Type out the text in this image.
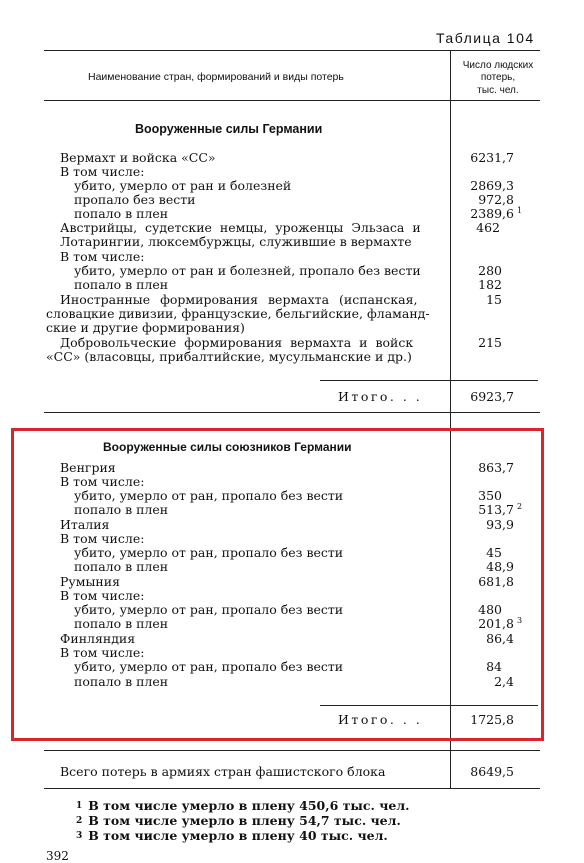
Таблица 104
Наименование стран, формирований и виды потерь
Число людских потерь,
тыс. чел.
Вооруженные силы Германии
Вермахт и войска «СС»	6231,7
В том числе:
убито, умерло от ран и болезней	2869,3
пропало без вести	972,8
попало в плен	2389,6 1
Австрийцы, судетские немцы, уроженцы Эльзаса и	462
Лотарингии, люксембуржцы, служившие в вермахте
В том числе:
убито, умерло от ран и болезней, пропало без вести	280
попало в плен	182
Иностранные формирования вермахта (испанская,	15
словацкие дивизии, французские, бельгийские, фламанд-
ские и другие формирования)
Добровольческие формирования вермахта и войск	215
«СС» (власовцы, прибалтийские, мусульманские и др.)
Итого. . .	6923,7
Вооруженные силы союзников Германии
Венгрия	863,7
В том числе:
убито, умерло от ран, пропало без вести	350
попало в плен	513,7 2
Италия	93,9
В том числе:
убито, умерло от ран, пропало без вести	45
попало в плен	48,9
Румыния	681,8
В том числе:
убито, умерло от ран, пропало без вести	480
попало в плен	201,8 3
Финляндия	86,4
В том числе:
убито, умерло от ран, пропало без вести	84
попало в плен	2,4
Итого. . .	1725,8
Всего потерь в армиях стран фашистского блока	8649,5
$^1$ В том числе умерло в плену 450,6 тыс. чел.
$^2$ В том числе умерло в плену 54,7 тыс. чел.
$^3$ В том числе умерло в плену 40 тыс. чел.
392
